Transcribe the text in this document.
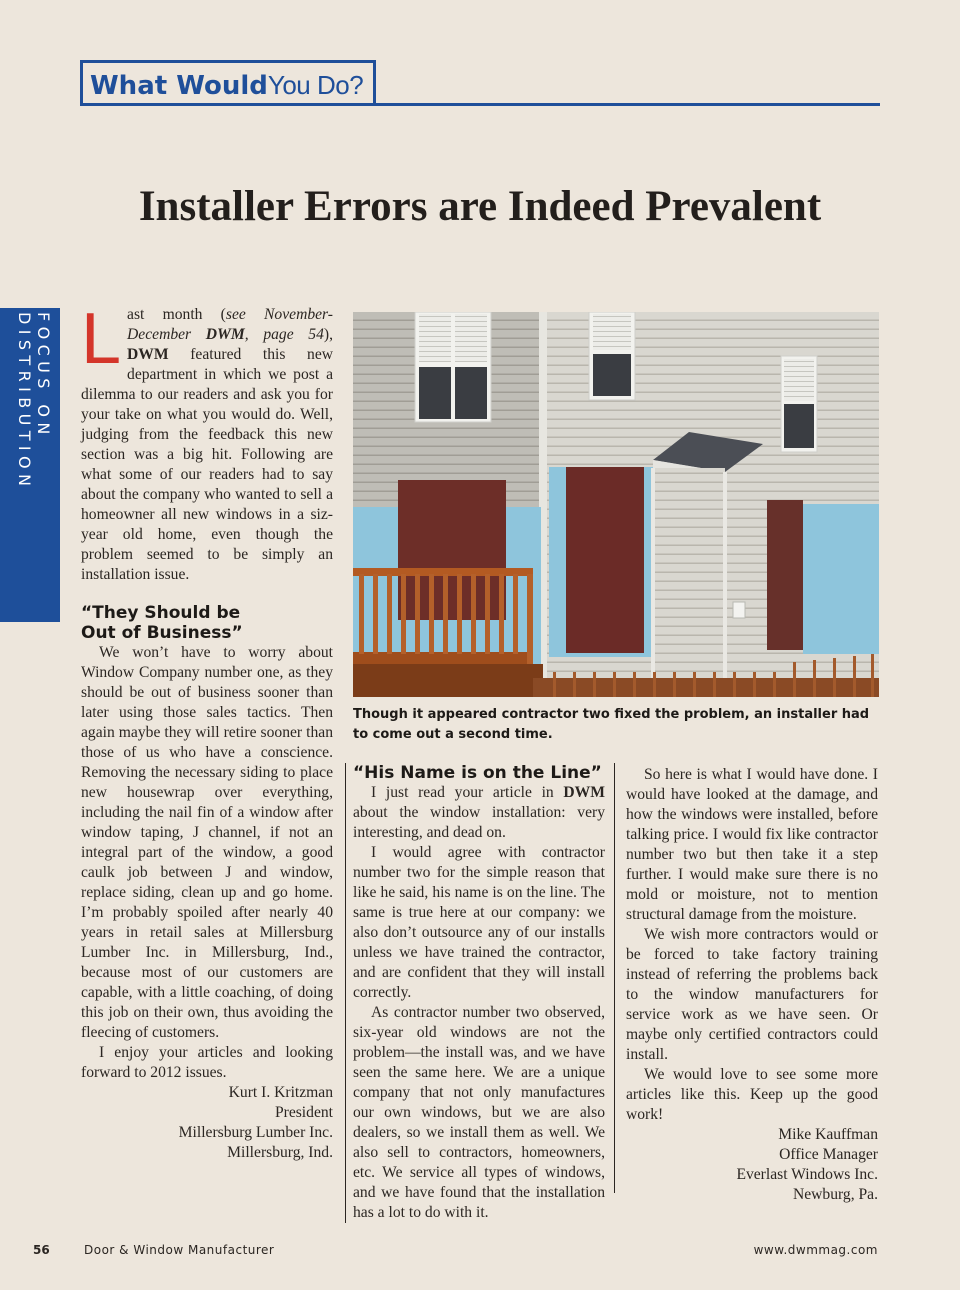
What WouldYou Do?
Installer Errors are Indeed Prevalent
FOCUS ON DISTRIBUTION Last month (see November-December DWM, page 54), DWM featured this new department in which we post a dilemma to our readers and ask you for your take on what you would do. Well, judging from the feedback this new section was a big hit. Following are what some of our readers had to say about the company who wanted to sell a homeowner all new windows in a siz-year old home, even though the problem seemed to be simply an installation issue.

“They Should be
Out of Business”

We won’t have to worry about Window Company number one, as they should be out of business sooner than later using those sales tactics. Then again maybe they will retire sooner than those of us who have a conscience. Removing the necessary siding to place new housewrap over everything, including the nail fin of a window after window taping, J channel, if not an integral part of the window, a good caulk job between J and window, replace siding, clean up and go home. I’m probably spoiled after nearly 40 years in retail sales at Millersburg Lumber Inc. in Millersburg, Ind., because most of our customers are capable, with a little coaching, of doing this job on their own, thus avoiding the fleecing of customers.

I enjoy your articles and looking forward to 2012 issues.

Kurt I. Kritzman

President

Millersburg Lumber Inc.

Millersburg, Ind.

Though it appeared contractor two fixed the problem, an installer had to come out a second time.
“His Name is on the Line”

I just read your article in DWM about the window installation: very interesting, and dead on.

I would agree with contractor number two for the simple reason that like he said, his name is on the line. The same is true here at our company: we also don’t outsource any of our installs unless we have trained the contractor, and are confident that they will install correctly.

As contractor number two observed, six-year old windows are not the problem—the install was, and we have seen the same here. We are a unique company that not only manufactures our own windows, but we are also dealers, so we install them as well. We also sell to contractors, homeowners, etc. We service all types of windows, and we have found that the installation has a lot to do with it.

So here is what I would have done. I would have looked at the damage, and how the windows were installed, before talking price. I would fix like contractor number two but then take it a step further. I would make sure there is no mold or moisture, not to mention structural damage from the moisture.

We wish more contractors would or be forced to take factory training instead of referring the problems back to the window manufacturers for service work as we have seen. Or maybe only certified contractors could install.

We would love to see some more articles like this. Keep up the good work!

Mike Kauffman

Office Manager

Everlast Windows Inc.

Newburg, Pa.

56	Door & Window Manufacturer	www.dwmmag.com
